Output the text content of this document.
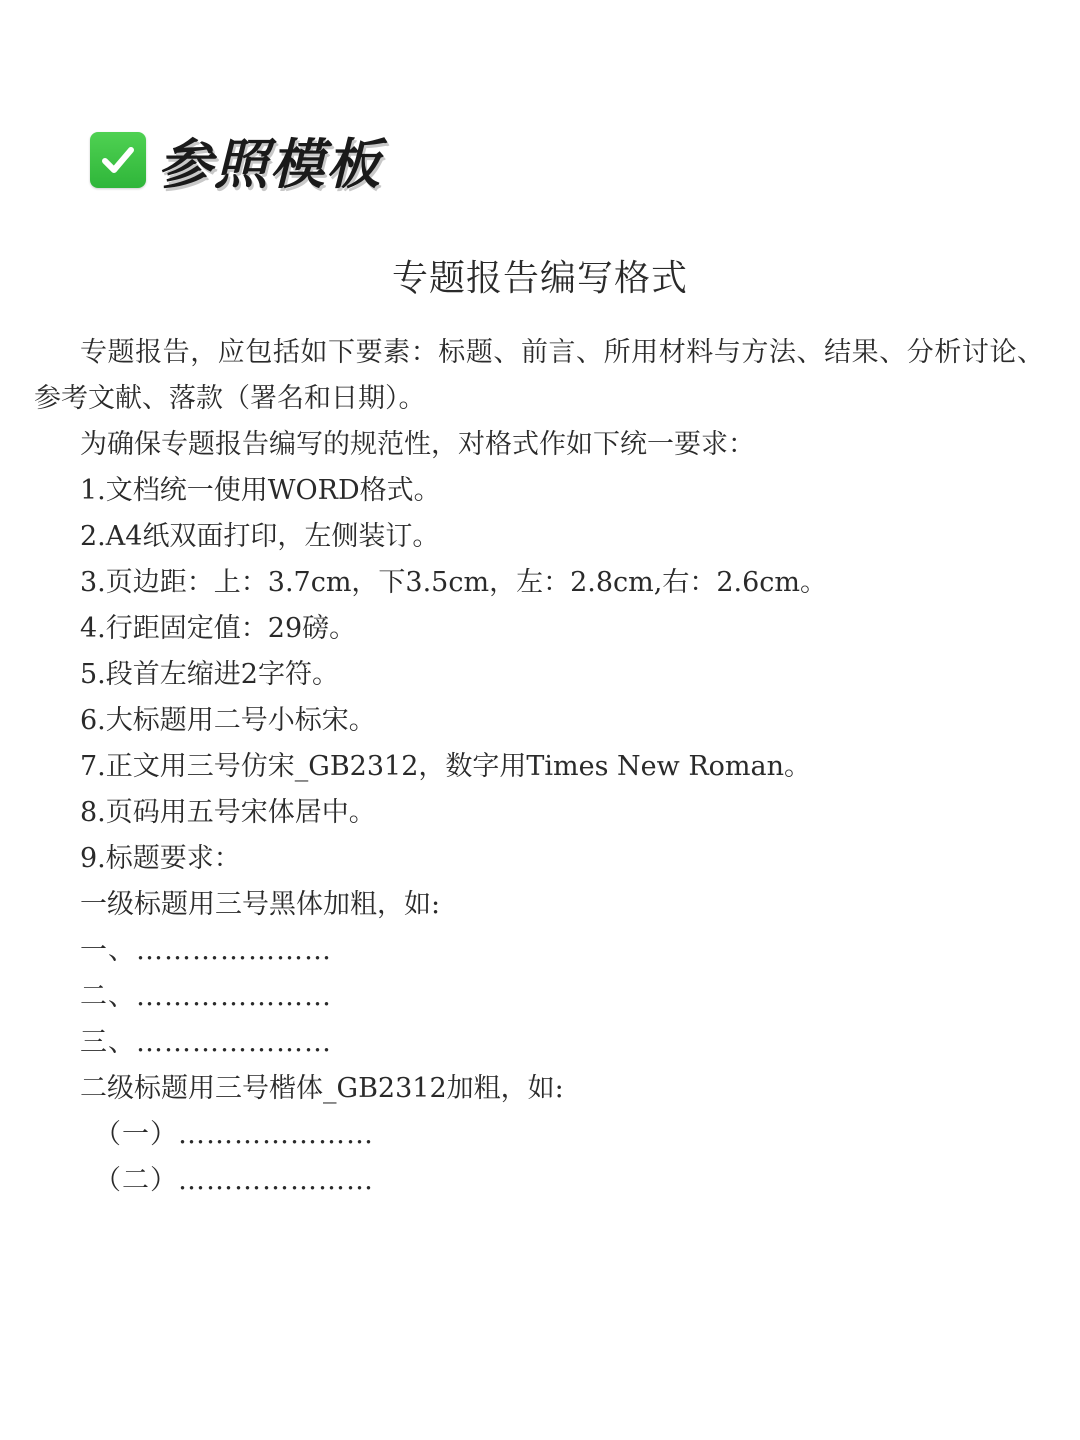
参照模板
专题报告编写格式

专题报告，应包括如下要素：标题、前言、所用材料与方法、结果、分析讨论、参考文献、落款（署名和日期）。

为确保专题报告编写的规范性，对格式作如下统一要求：
1.文档统一使用WORD格式。
2.A4纸双面打印，左侧装订。
3.页边距：上：3.7cm，下3.5cm，左：2.8cm,右：2.6cm。
4.行距固定值：29磅。
5.段首左缩进2字符。
6.大标题用二号小标宋。
7.正文用三号仿宋_GB2312，数字用Times New Roman。
8.页码用五号宋体居中。
9.标题要求：
一级标题用三号黑体加粗，如:
一、…………………
二、…………………
三、…………………
二级标题用三号楷体_GB2312加粗，如:
（一）…………………
（二）…………………
